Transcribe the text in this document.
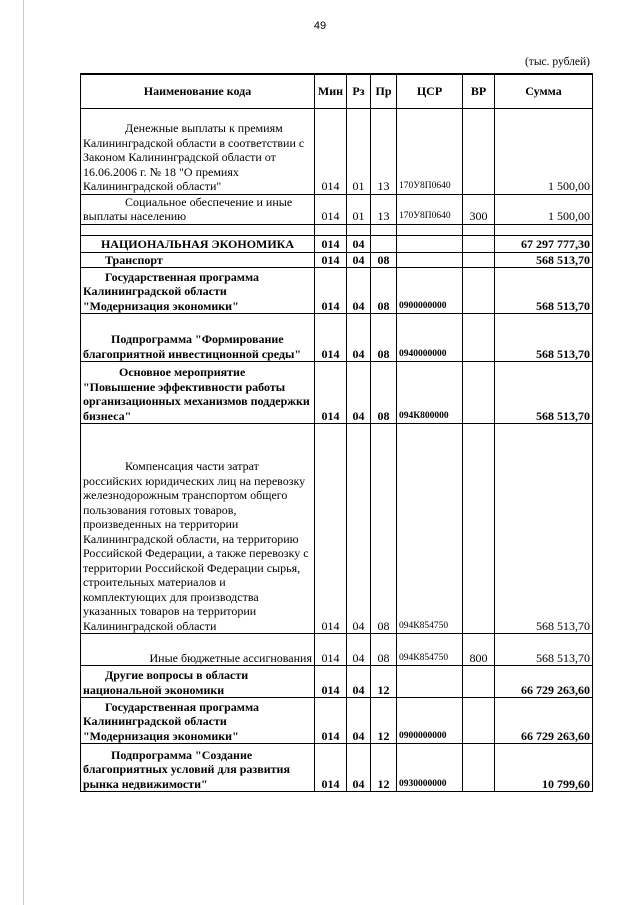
49
(тыс. рублей)
Наименование кода	Мин	Рз	Пр	ЦСР	ВР	Сумма
Денежные выплаты к премиям Калининградской области в соответствии с Законом Калининградской области от 16.06.2006 г. № 18 "О премиях Калининградской области"	014	01	13	170У8П0640		1 500,00
Социальное обеспечение и иные выплаты населению	014	01	13	170У8П0640	300	1 500,00

НАЦИОНАЛЬНАЯ ЭКОНОМИКА	014	04				67 297 777,30
Транспорт	014	04	08			568 513,70
Государственная программа Калининградской области "Модернизация экономики"	014	04	08	0900000000		568 513,70
Подпрограмма "Формирование благоприятной инвестиционной среды"	014	04	08	0940000000		568 513,70
Основное мероприятие "Повышение эффективности работы организационных механизмов поддержки бизнеса"	014	04	08	094К800000		568 513,70
Компенсация части затрат российских юридических лиц на перевозку железнодорожным транспортом общего пользования готовых товаров, произведенных на территории Калининградской области, на территорию Российской Федерации, а также перевозку с территории Российской Федерации сырья, строительных материалов и комплектующих для производства указанных товаров на территории Калининградской области	014	04	08	094К854750		568 513,70
Иные бюджетные ассигнования	014	04	08	094К854750	800	568 513,70
Другие вопросы в области национальной экономики	014	04	12			66 729 263,60
Государственная программа Калининградской области "Модернизация экономики"	014	04	12	0900000000		66 729 263,60
Подпрограмма "Создание благоприятных условий для развития рынка недвижимости"	014	04	12	0930000000		10 799,60
